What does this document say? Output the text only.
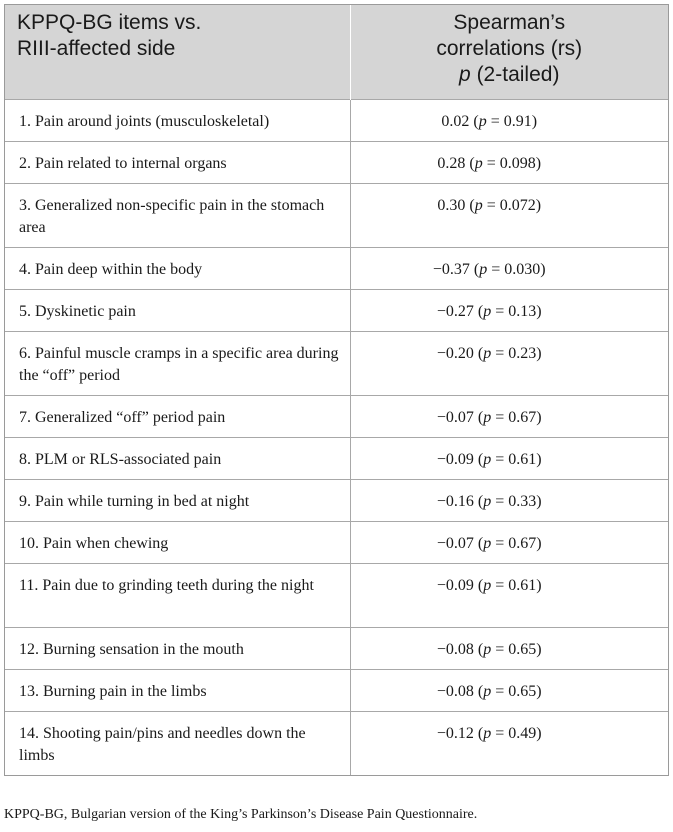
KPPQ-BG items vs.
RIII-affected side	Spearman’s
correlations (rs)
p (2-tailed)

1. Pain around joints (musculoskeletal)	0.02 (p = 0.91)
2. Pain related to internal organs	0.28 (p = 0.098)
3. Generalized non-specific pain in the stomach area	0.30 (p = 0.072)
4. Pain deep within the body	−0.37 (p = 0.030)
5. Dyskinetic pain	−0.27 (p = 0.13)
6. Painful muscle cramps in a specific area during the “off” period	−0.20 (p = 0.23)
7. Generalized “off” period pain	−0.07 (p = 0.67)
8. PLM or RLS-associated pain	−0.09 (p = 0.61)
9. Pain while turning in bed at night	−0.16 (p = 0.33)
10. Pain when chewing	−0.07 (p = 0.67)
11. Pain due to grinding teeth during the night	−0.09 (p = 0.61)
12. Burning sensation in the mouth	−0.08 (p = 0.65)
13. Burning pain in the limbs	−0.08 (p = 0.65)
14. Shooting pain/pins and needles down the limbs	−0.12 (p = 0.49)
KPPQ-BG, Bulgarian version of the King’s Parkinson’s Disease Pain Questionnaire.
